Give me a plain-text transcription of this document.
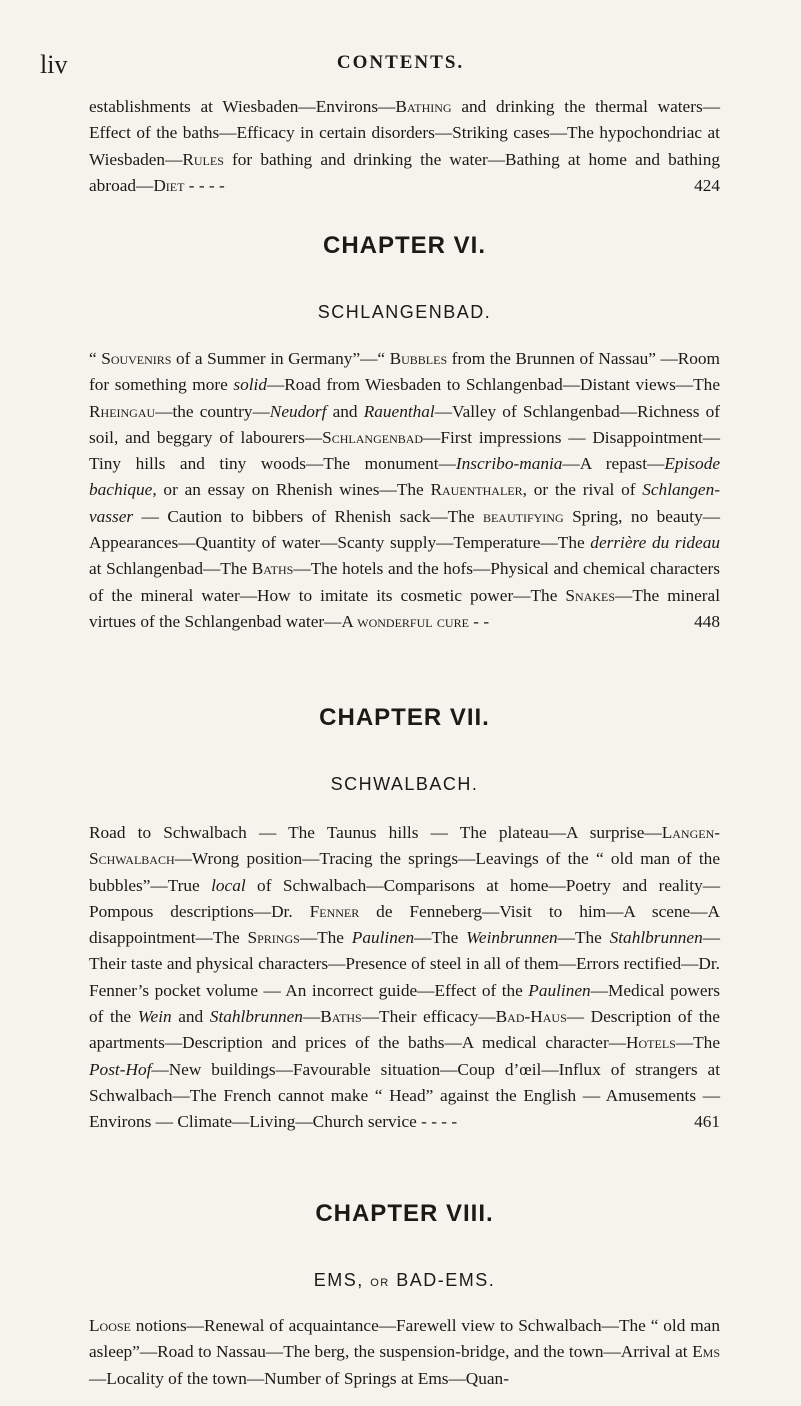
liv	CONTENTS.

establishments at Wiesbaden—Environs—Bathing and drinking the thermal waters—Effect of the baths—Efficacy in certain disorders—Striking cases—The hypochondriac at Wiesbaden—Rules for bathing and drinking the water—Bathing at home and bathing abroad—Diet - - - -	424

CHAPTER VI.
SCHLANGENBAD.

“ Souvenirs of a Summer in Germany”—“ Bubbles from the Brunnen of Nassau” —Room for something more solid—Road from Wiesbaden to Schlangenbad—Distant views—The Rheingau—the country—Neudorf and Rauenthal—Valley of Schlangenbad—Richness of soil, and beggary of labourers—Schlangenbad—First impressions — Disappointment—Tiny hills and tiny woods—The monument—Inscribo-mania—A repast—Episode bachique, or an essay on Rhenish wines—The Rauenthaler, or the rival of Schlangen-vasser — Caution to bibbers of Rhenish sack—The beautifying Spring, no beauty—Appearances—Quantity of water—Scanty supply—Temperature—The derrière du rideau at Schlangenbad—The Baths—The hotels and the hofs—Physical and chemical characters of the mineral water—How to imitate its cosmetic power—The Snakes—The mineral virtues of the Schlangenbad water—A wonderful cure - -	448

CHAPTER VII.
SCHWALBACH.

Road to Schwalbach — The Taunus hills — The plateau—A surprise—Langen-Schwalbach—Wrong position—Tracing the springs—Leavings of the “ old man of the bubbles”—True local of Schwalbach—Comparisons at home—Poetry and reality—Pompous descriptions—Dr. Fenner de Fenneberg—Visit to him—A scene—A disappointment—The Springs—The Paulinen—The Weinbrunnen—The Stahlbrunnen—Their taste and physical characters—Presence of steel in all of them—Errors rectified—Dr. Fenner’s pocket volume — An incorrect guide—Effect of the Paulinen—Medical powers of the Wein and Stahlbrunnen—Baths—Their efficacy—Bad-Haus— Description of the apartments—Description and prices of the baths—A medical character—Hotels—The Post-Hof—New buildings—Favourable situation—Coup d’œil—Influx of strangers at Schwalbach—The French cannot make “ Head” against the English — Amusements — Environs — Climate—Living—Church service - - - -	461

CHAPTER VIII.
EMS, or BAD-EMS.

Loose notions—Renewal of acquaintance—Farewell view to Schwalbach—The “ old man asleep”—Road to Nassau—The berg, the suspension-bridge, and the town—Arrival at Ems—Locality of the town—Number of Springs at Ems—Quan-
